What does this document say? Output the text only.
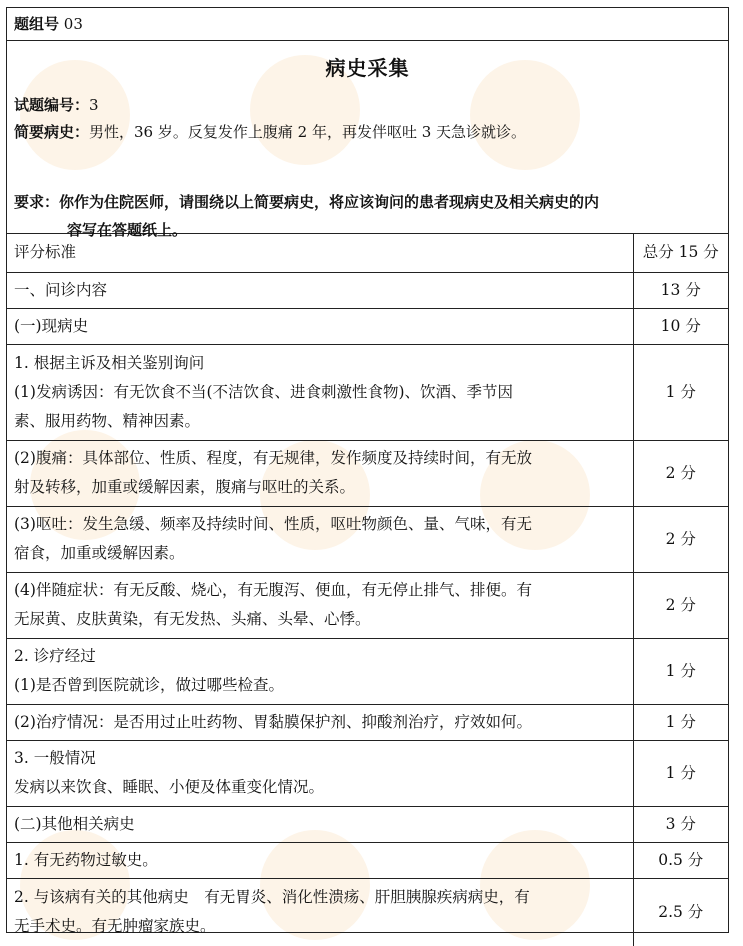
题组号 03
病史采集
试题编号：3
简要病史：男性，36 岁。反复发作上腹痛 2 年，再发伴呕吐 3 天急诊就诊。
要求：你作为住院医师，请围绕以上简要病史，将应该询问的患者现病史及相关病史的内
容写在答题纸上。
评分标准	总分 15 分

一、问诊内容	13 分

(一)现病史	10 分

1. 根据主诉及相关鉴别询问
(1)发病诱因：有无饮食不当(不洁饮食、进食刺激性食物)、饮酒、季节因
素、服用药物、精神因素。	1 分

(2)腹痛：具体部位、性质、程度，有无规律，发作频度及持续时间，有无放
射及转移，加重或缓解因素，腹痛与呕吐的关系。	2 分

(3)呕吐：发生急缓、频率及持续时间、性质，呕吐物颜色、量、气味，有无
宿食，加重或缓解因素。	2 分

(4)伴随症状：有无反酸、烧心，有无腹泻、便血，有无停止排气、排便。有
无尿黄、皮肤黄染，有无发热、头痛、头晕、心悸。	2 分

2. 诊疗经过
(1)是否曾到医院就诊，做过哪些检查。	1 分

(2)治疗情况：是否用过止吐药物、胃黏膜保护剂、抑酸剂治疗，疗效如何。	1 分

3. 一般情况
发病以来饮食、睡眠、小便及体重变化情况。	1 分

(二)其他相关病史	3 分

1. 有无药物过敏史。	0.5 分

2. 与该病有关的其他病史　有无胃炎、消化性溃疡、肝胆胰腺疾病病史，有
无手术史。有无肿瘤家族史。	2.5 分
